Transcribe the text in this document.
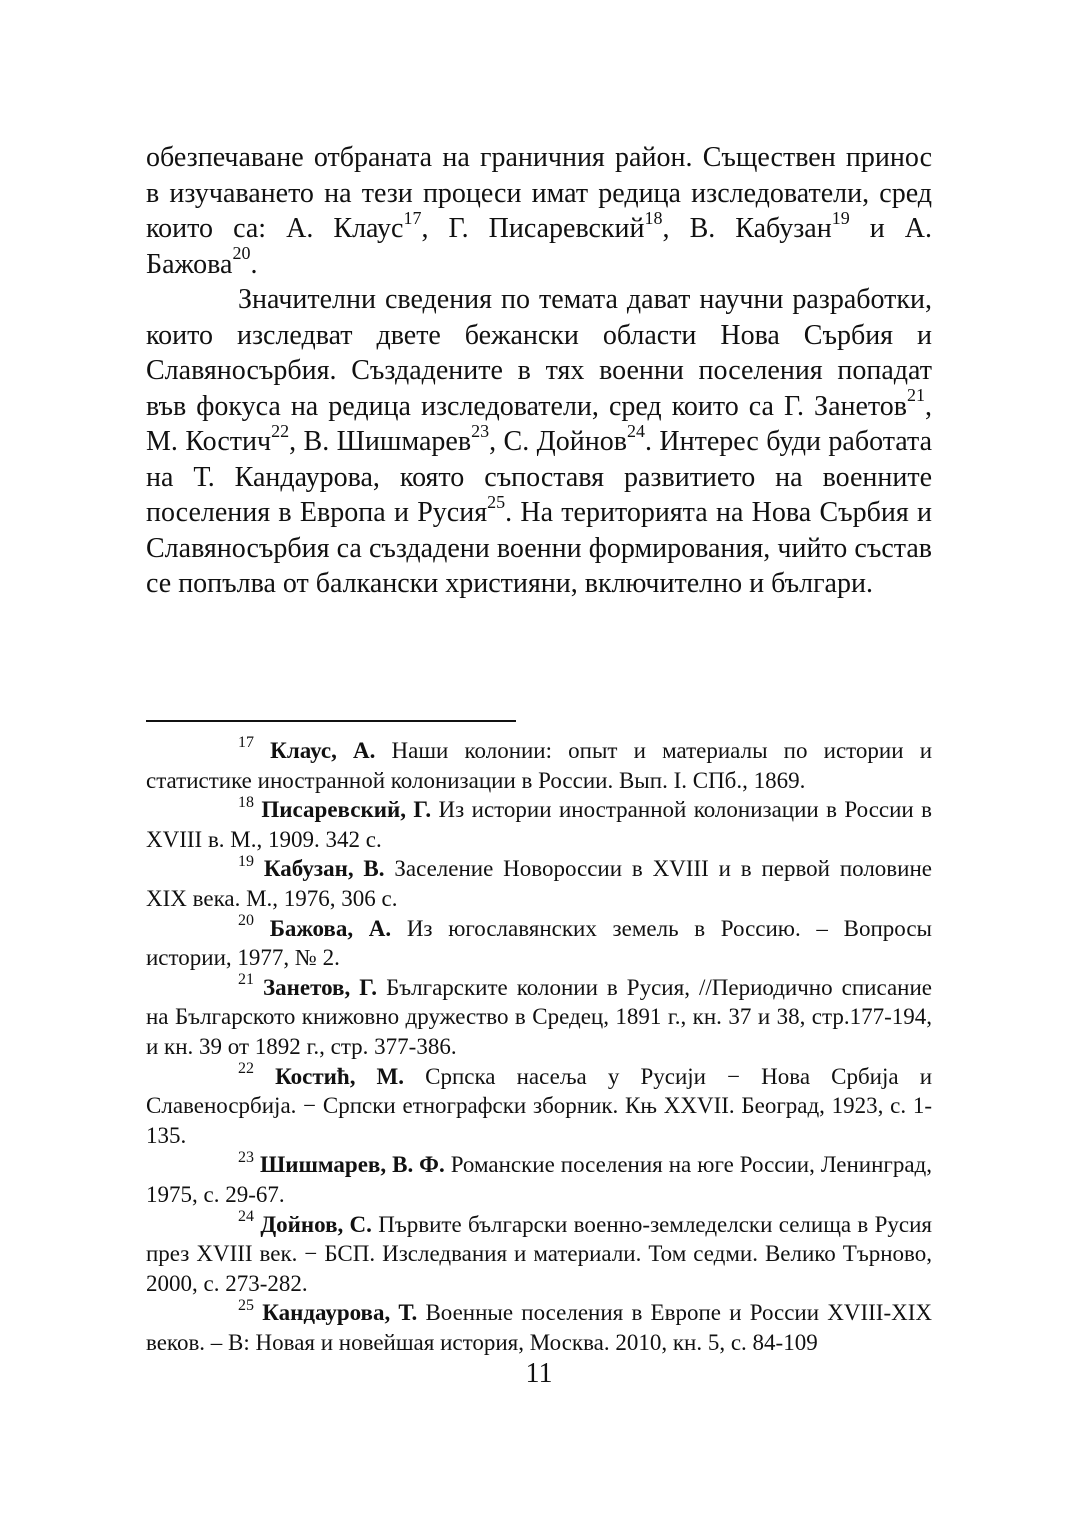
обезпечаване отбраната на граничния район. Съществен принос в изучаването на тези процеси имат редица изследователи, сред които са: А. Клаус$^{17}$, Г. Писаревский$^{18}$, В. Кабузан$^{19}$ и А. Бажова$^{20}$.

Значителни сведения по темата дават научни разработки, които изследват двете бежански области Нова Сърбия и Славяносърбия. Създадените в тях военни поселения попадат във фокуса на редица изследователи, сред които са Г. Занетов$^{21}$, М. Костич$^{22}$, В. Шишмарев$^{23}$, С. Дойнов$^{24}$. Интерес буди работата на Т. Кандаурова, която съпоставя развитието на военните поселения в Европа и Русия$^{25}$. На територията на Нова Сърбия и Славяносърбия са създадени военни формирования, чийто състав се попълва от балкански християни, включително и българи.

$^{17}$ Клаус, А. Наши колонии: опыт и материалы по истории и статистике иностранной колонизации в России. Вып. I. СПб., 1869.

$^{18}$ Писаревский, Г. Из истории иностранной колонизации в России в XVIII в. М., 1909. 342 с.

$^{19}$ Кабузан, В. Заселение Новороссии в XVIII и в первой половине XIX века. М., 1976, 306 с.

$^{20}$ Бажова, А. Из югославянских земель в Россию. – Вопросы истории, 1977, № 2.

$^{21}$ Занетов, Г. Българските колонии в Русия, //Периодично списание на Българското книжовно дружество в Средец, 1891 г., кн. 37 и 38, стр.177-194, и кн. 39 от 1892 г., стр. 377-386.

$^{22}$ Костић, М. Српска насеља у Русији − Нова Србија и Славеносрбија. − Српски етнографски зборник. Књ XXVII. Београд, 1923, с. 1-135.

$^{23}$ Шишмарев, В. Ф. Романские поселения на юге России, Ленинград, 1975, с. 29-67.

$^{24}$ Дойнов, С. Първите български военно-земледелски селища в Русия през XVIII век. − БСП. Изследвания и материали. Том седми. Велико Търново, 2000, с. 273-282.

$^{25}$ Кандаурова, Т. Военные поселения в Европе и России XVIII-XIX веков. – В: Новая и новейшая история, Москва. 2010, кн. 5, с. 84-109

11
